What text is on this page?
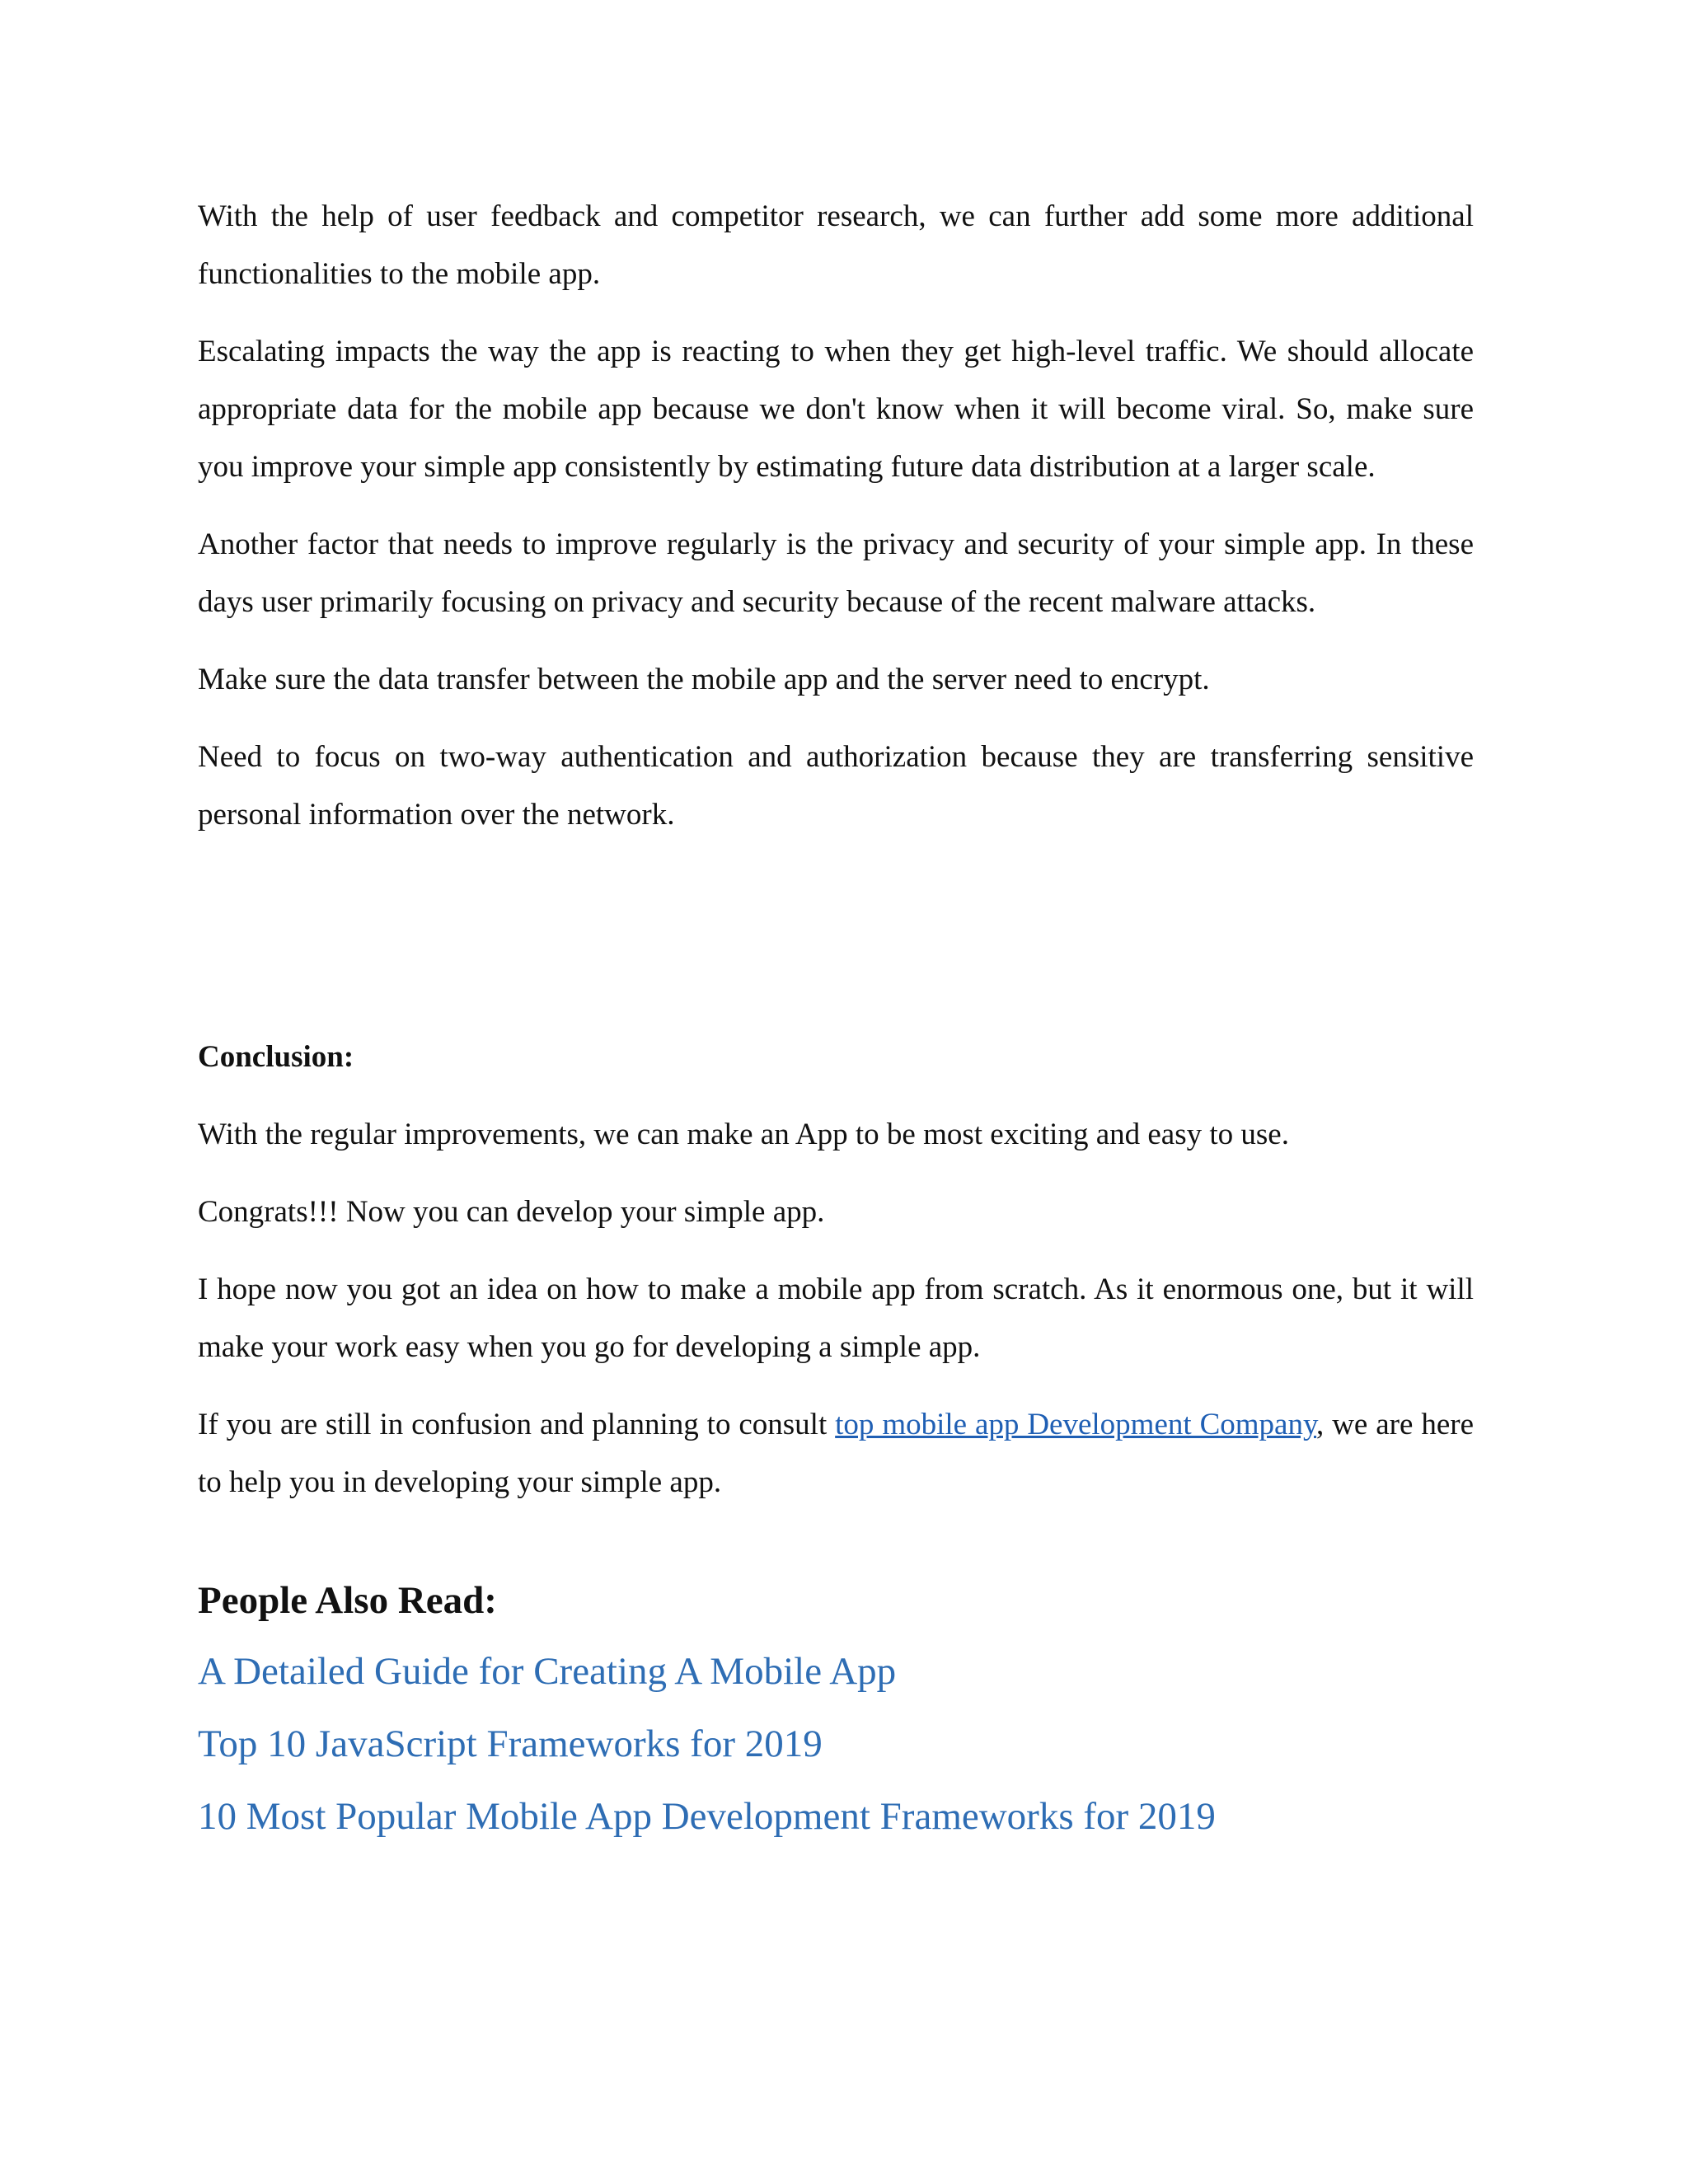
With the help of user feedback and competitor research, we can further add some more additional functionalities to the mobile app.

Escalating impacts the way the app is reacting to when they get high-level traffic. We should allocate appropriate data for the mobile app because we don't know when it will become viral. So, make sure you improve your simple app consistently by estimating future data distribution at a larger scale.

Another factor that needs to improve regularly is the privacy and security of your simple app. In these days user primarily focusing on privacy and security because of the recent malware attacks.

Make sure the data transfer between the mobile app and the server need to encrypt.

Need to focus on two-way authentication and authorization because they are transferring sensitive personal information over the network.

Conclusion:

With the regular improvements, we can make an App to be most exciting and easy to use.

Congrats!!! Now you can develop your simple app.

I hope now you got an idea on how to make a mobile app from scratch. As it enormous one, but it will make your work easy when you go for developing a simple app.

If you are still in confusion and planning to consult top mobile app Development Company, we are here to help you in developing your simple app.

People Also Read:
A Detailed Guide for Creating A Mobile App
Top 10 JavaScript Frameworks for 2019
10 Most Popular Mobile App Development Frameworks for 2019
